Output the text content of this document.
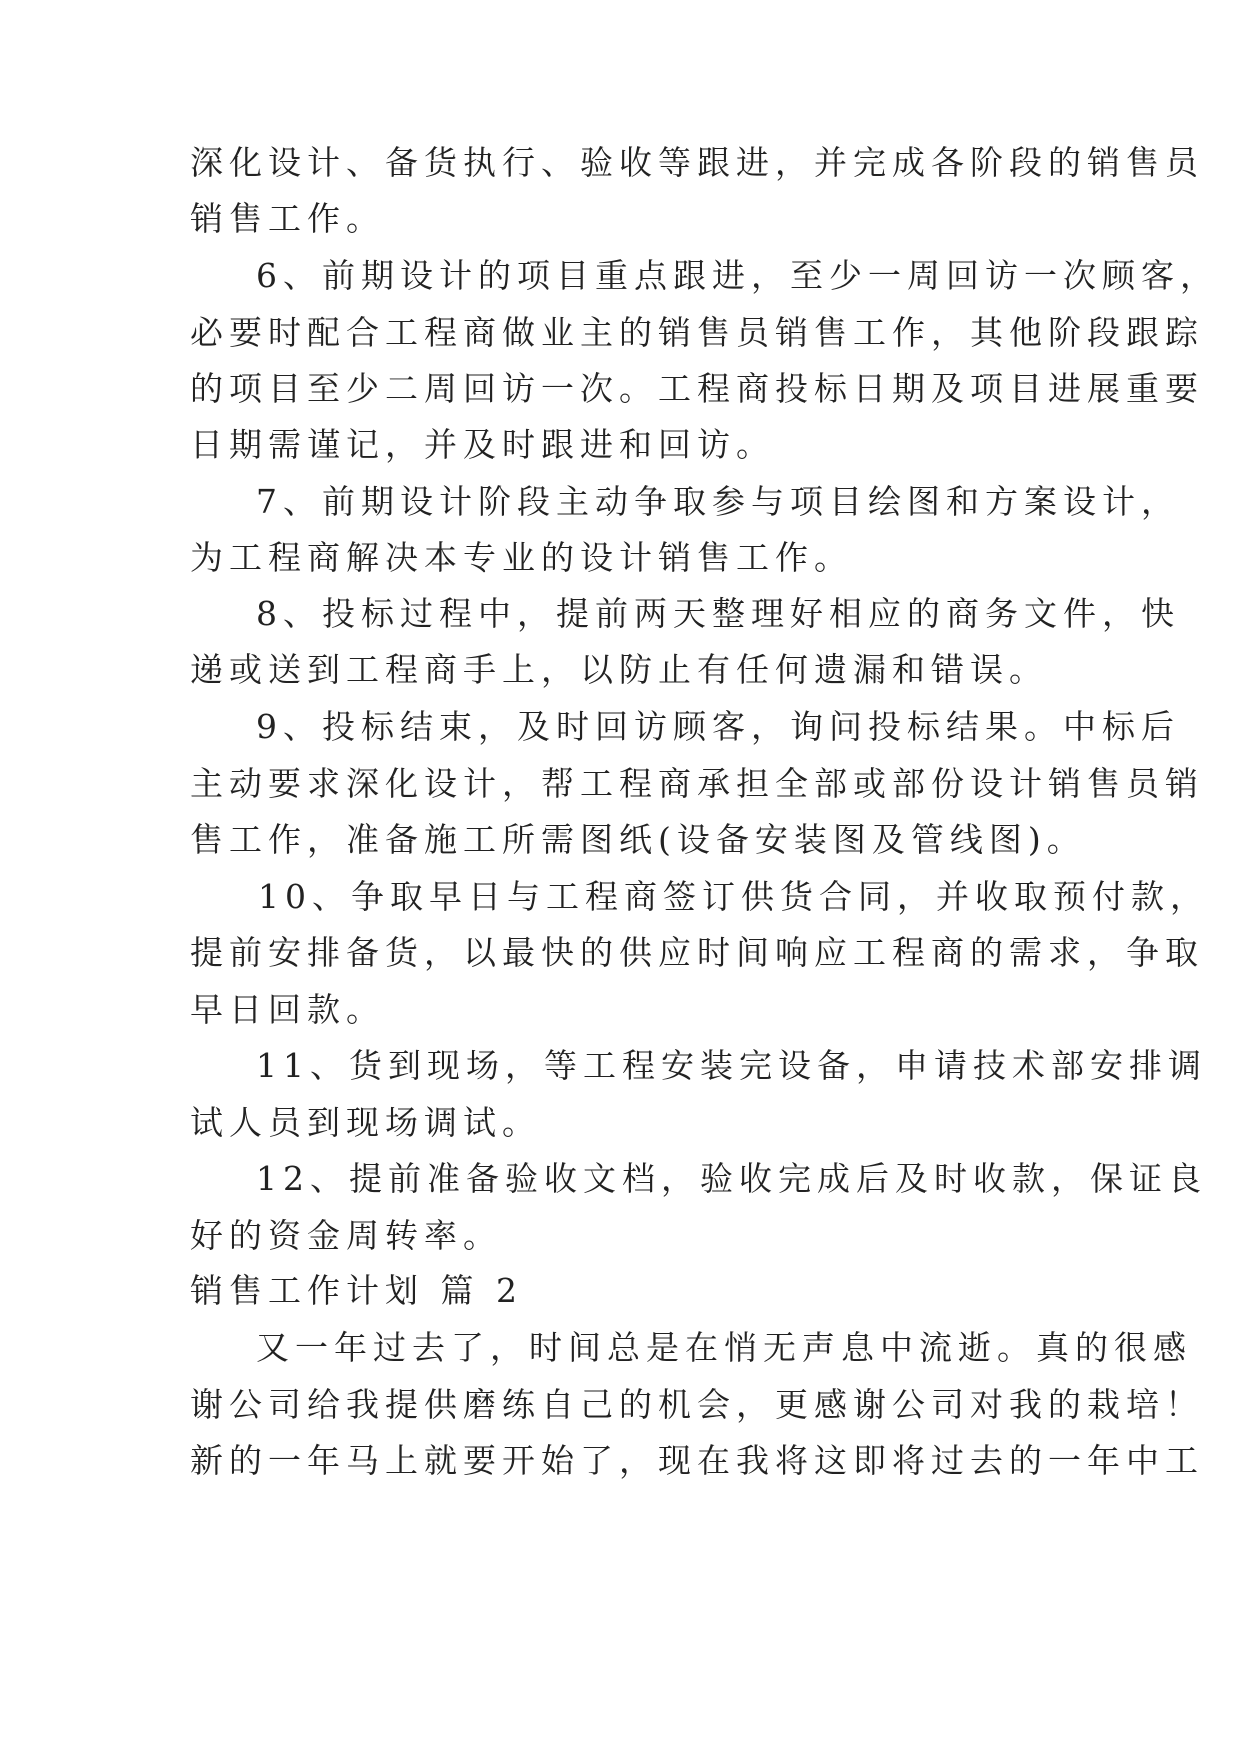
深化设计、备货执行、验收等跟进，并完成各阶段的销售员
销售工作。
6、前期设计的项目重点跟进，至少一周回访一次顾客，
必要时配合工程商做业主的销售员销售工作，其他阶段跟踪
的项目至少二周回访一次。工程商投标日期及项目进展重要
日期需谨记，并及时跟进和回访。
7、前期设计阶段主动争取参与项目绘图和方案设计，
为工程商解决本专业的设计销售工作。
8、投标过程中，提前两天整理好相应的商务文件，快
递或送到工程商手上，以防止有任何遗漏和错误。
9、投标结束，及时回访顾客，询问投标结果。中标后
主动要求深化设计，帮工程商承担全部或部份设计销售员销
售工作，准备施工所需图纸(设备安装图及管线图)。
10、争取早日与工程商签订供货合同，并收取预付款，
提前安排备货，以最快的供应时间响应工程商的需求，争取
早日回款。
11、货到现场，等工程安装完设备，申请技术部安排调
试人员到现场调试。
12、提前准备验收文档，验收完成后及时收款，保证良
好的资金周转率。
销售工作计划 篇 2
又一年过去了，时间总是在悄无声息中流逝。真的很感
谢公司给我提供磨练自己的机会，更感谢公司对我的栽培！
新的一年马上就要开始了，现在我将这即将过去的一年中工
